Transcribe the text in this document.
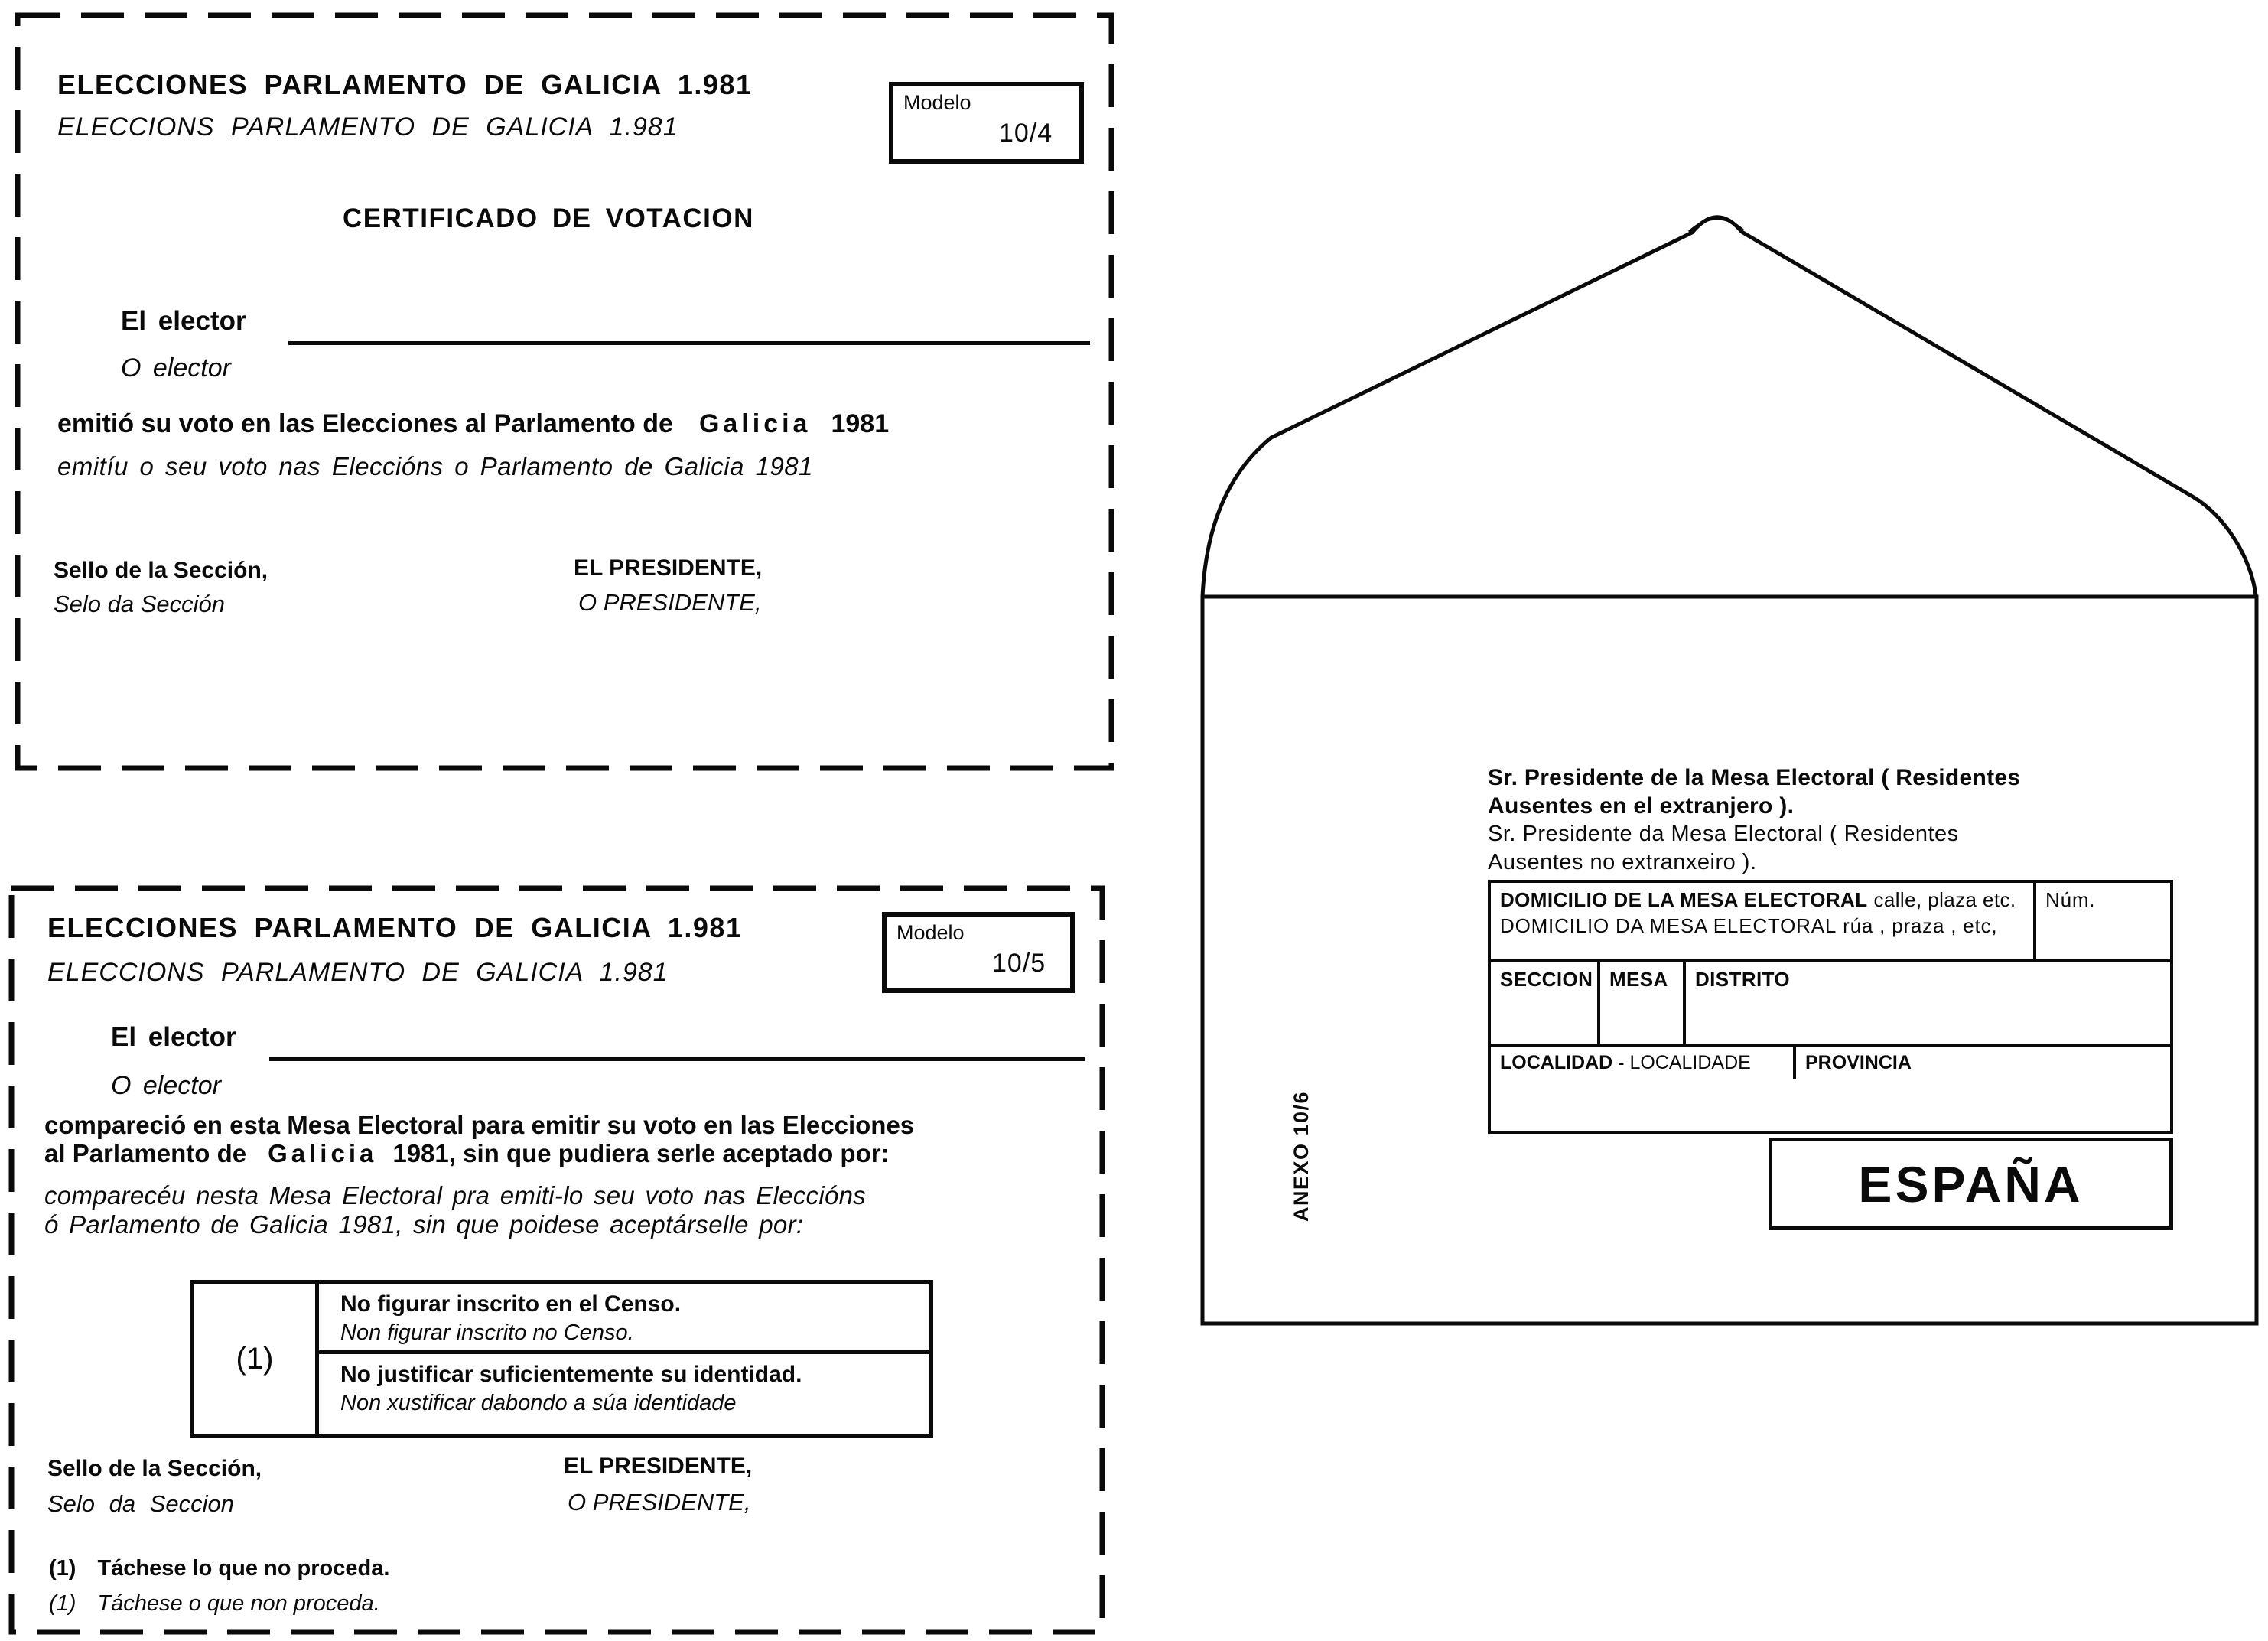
ELECCIONES PARLAMENTO DE GALICIA 1.981
ELECCIONS PARLAMENTO DE GALICIA 1.981
Modelo
10/4
CERTIFICADO DE VOTACION
El elector
O elector
emitió su voto en las Elecciones al Parlamento de Galicia 1981
emitíu o seu voto nas Eleccións o Parlamento de Galicia 1981
Sello de la Sección,
Selo da Sección
EL PRESIDENTE,
O PRESIDENTE,
ELECCIONES PARLAMENTO DE GALICIA 1.981
ELECCIONS PARLAMENTO DE GALICIA 1.981
Modelo
10/5
El elector
O elector
compareció en esta Mesa Electoral para emitir su voto en las Elecciones
al Parlamento de Galicia 1981, sin que pudiera serle aceptado por:
comparecéu nesta Mesa Electoral pra emiti-lo seu voto nas Eleccións
ó Parlamento de Galicia 1981, sin que poidese aceptárselle por:
(1)
No figurar inscrito en el Censo.
Non figurar inscrito no Censo.
No justificar suficientemente su identidad.
Non xustificar dabondo a súa identidade
Sello de la Sección,
Selo da Seccion
EL PRESIDENTE,
O PRESIDENTE,
(1) Táchese lo que no proceda.
(1) Táchese o que non proceda.
ANEXO 10/6
Sr. Presidente de la Mesa Electoral ( Residentes
Ausentes en el extranjero ).
Sr. Presidente da Mesa Electoral ( Residentes
Ausentes no extranxeiro ).
DOMICILIO DE LA MESA ELECTORAL calle, plaza etc.
DOMICILIO DA MESA ELECTORAL rúa , praza , etc,
Núm.
SECCION MESA DISTRITO
LOCALIDAD - LOCALIDADE	PROVINCIA
ESPAÑA
